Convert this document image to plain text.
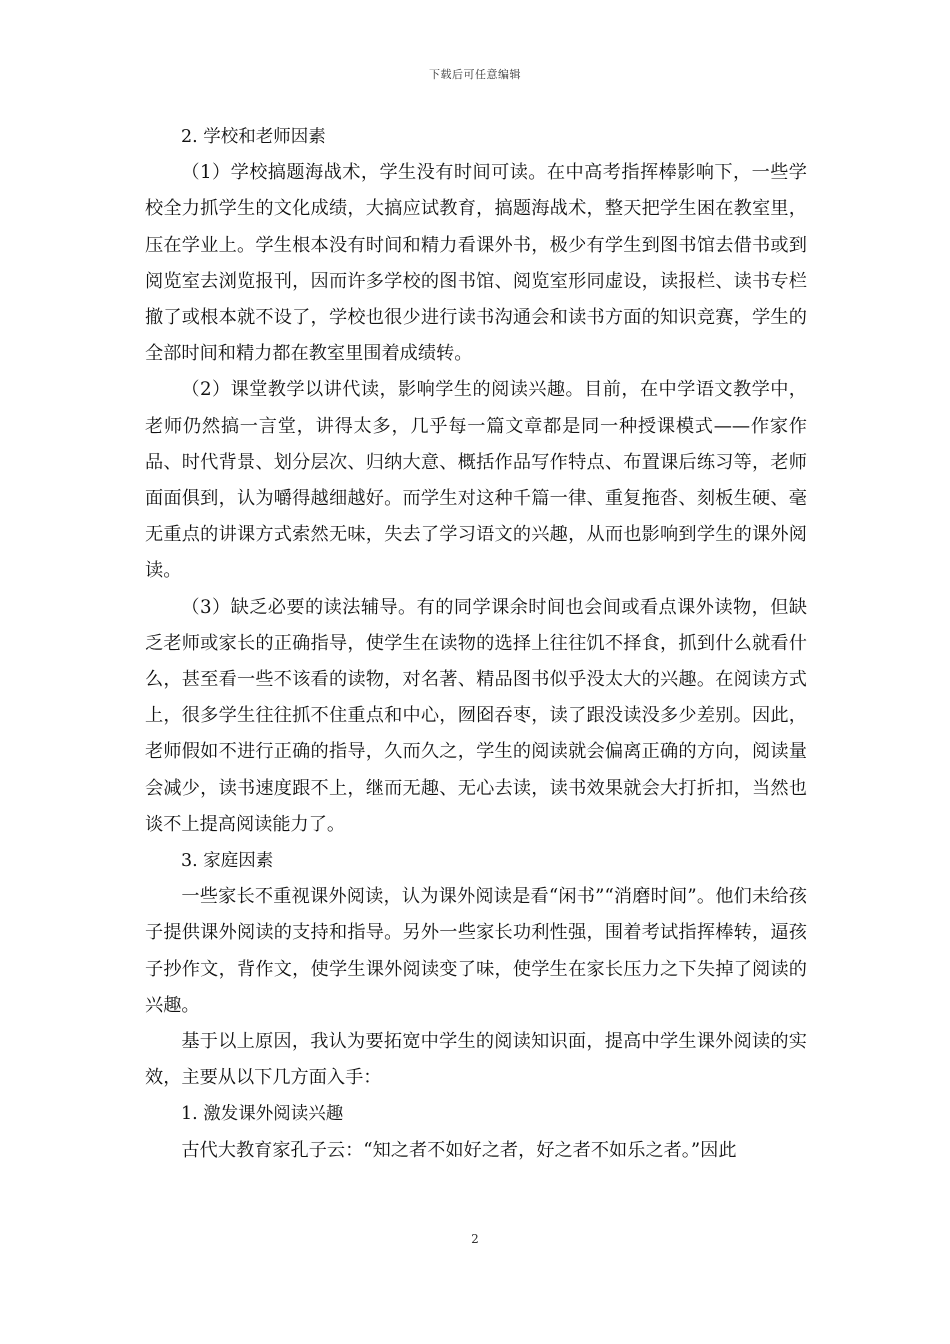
下载后可任意编辑

2. 学校和老师因素

（1）学校搞题海战术，学生没有时间可读。在中高考指挥棒影响下，一些学校全力抓学生的文化成绩，大搞应试教育，搞题海战术，整天把学生困在教室里，压在学业上。学生根本没有时间和精力看课外书，极少有学生到图书馆去借书或到阅览室去浏览报刊，因而许多学校的图书馆、阅览室形同虚设，读报栏、读书专栏撤了或根本就不设了，学校也很少进行读书沟通会和读书方面的知识竞赛，学生的全部时间和精力都在教室里围着成绩转。

（2）课堂教学以讲代读，影响学生的阅读兴趣。目前，在中学语文教学中，老师仍然搞一言堂，讲得太多，几乎每一篇文章都是同一种授课模式——作家作品、时代背景、划分层次、归纳大意、概括作品写作特点、布置课后练习等，老师面面俱到，认为嚼得越细越好。而学生对这种千篇一律、重复拖沓、刻板生硬、毫无重点的讲课方式索然无味，失去了学习语文的兴趣，从而也影响到学生的课外阅读。

（3）缺乏必要的读法辅导。有的同学课余时间也会间或看点课外读物，但缺乏老师或家长的正确指导，使学生在读物的选择上往往饥不择食，抓到什么就看什么，甚至看一些不该看的读物，对名著、精品图书似乎没太大的兴趣。在阅读方式上，很多学生往往抓不住重点和中心，囫囵吞枣，读了跟没读没多少差别。因此，老师假如不进行正确的指导，久而久之，学生的阅读就会偏离正确的方向，阅读量会减少，读书速度跟不上，继而无趣、无心去读，读书效果就会大打折扣，当然也谈不上提高阅读能力了。

3. 家庭因素

一些家长不重视课外阅读，认为课外阅读是看“闲书”“消磨时间”。他们未给孩子提供课外阅读的支持和指导。另外一些家长功利性强，围着考试指挥棒转，逼孩子抄作文，背作文，使学生课外阅读变了味，使学生在家长压力之下失掉了阅读的兴趣。

基于以上原因，我认为要拓宽中学生的阅读知识面，提高中学生课外阅读的实效，主要从以下几方面入手：

1. 激发课外阅读兴趣

古代大教育家孔子云：“知之者不如好之者，好之者不如乐之者。”因此

2
